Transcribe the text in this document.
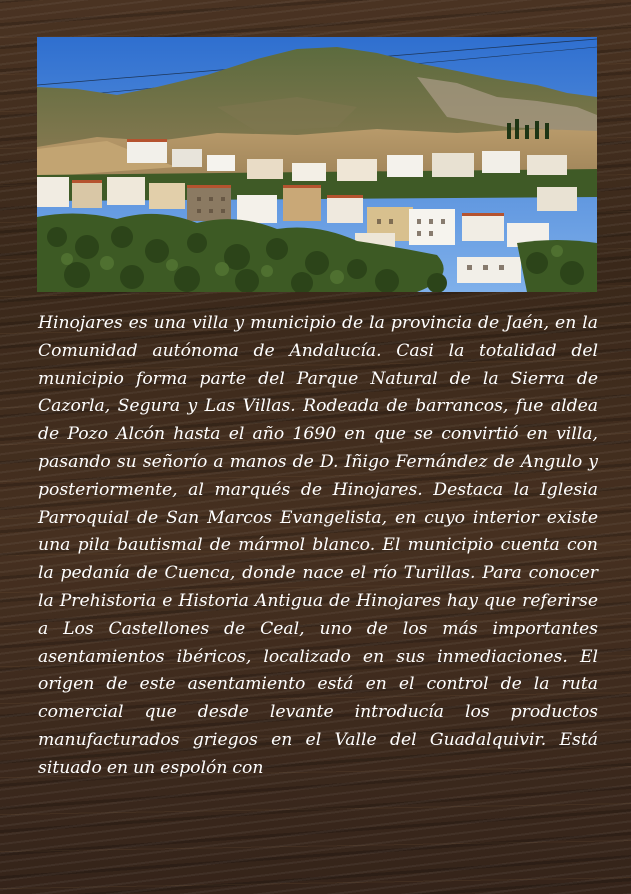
Hinojares es una villa y municipio de la provincia de Jaén, en la Comunidad autónoma de Andalucía. Casi la totalidad del municipio forma parte del Parque Natural de la Sierra de Cazorla, Segura y Las Villas. Rodeada de barrancos, fue aldea de Pozo Alcón hasta el año 1690 en que se convirtió en villa, pasando su señorío a manos de D. Iñigo Fernández de Angulo y posteriormente, al marqués de Hinojares. Destaca la Iglesia Parroquial de San Marcos Evangelista, en cuyo interior existe una pila bautismal de mármol blanco. El municipio cuenta con la pedanía de Cuenca, donde nace el río Turillas. Para conocer la Prehistoria e Historia Antigua de Hinojares hay que referirse a Los Castellones de Ceal, uno de los más importantes asentamientos ibéricos, localizado en sus inmediaciones. El origen de este asentamiento está en el control de la ruta comercial que desde levante introducía los productos manufacturados griegos en el Valle del Guadalquivir. Está situado en un espolón con
